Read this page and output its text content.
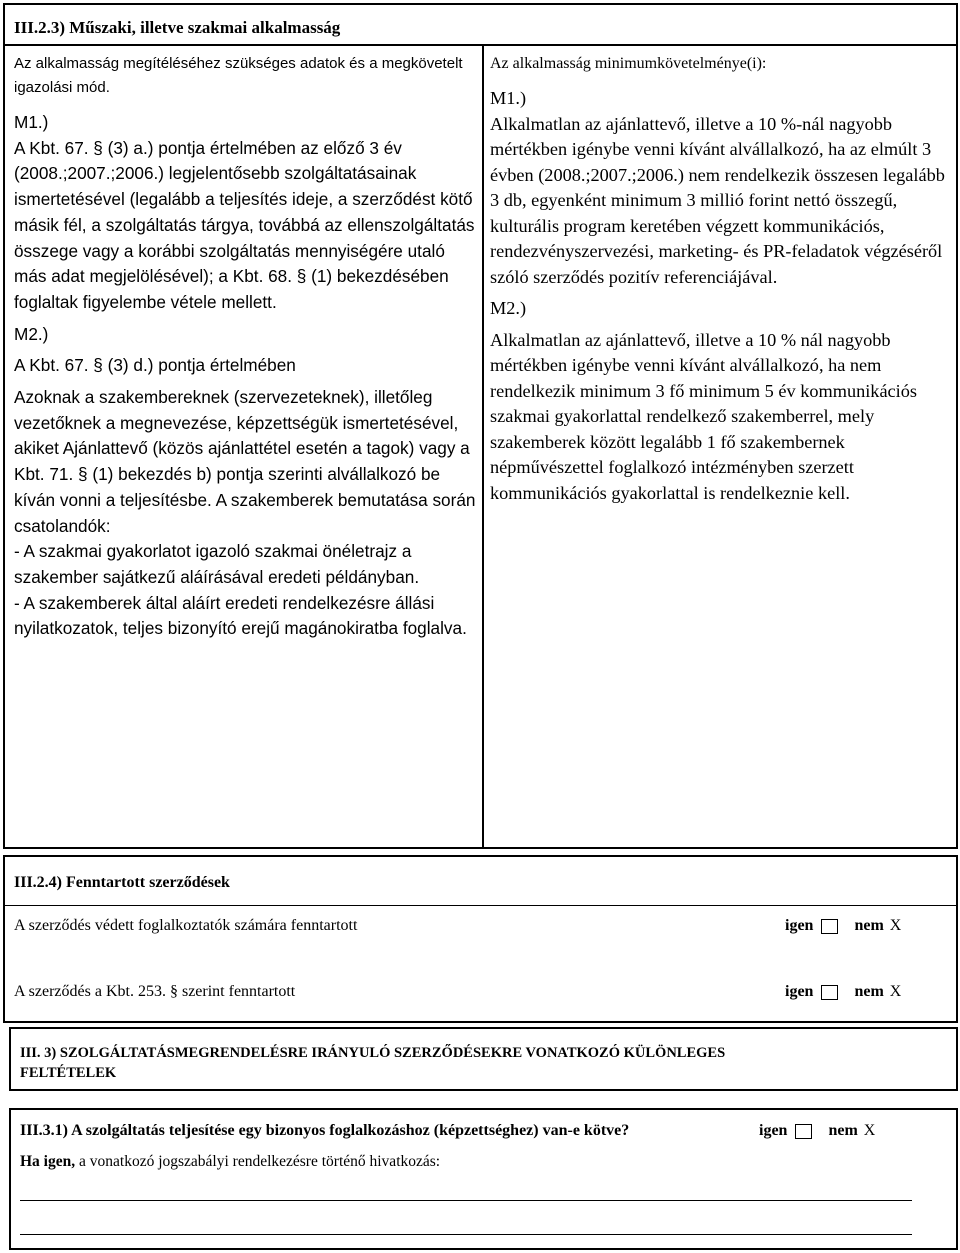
III.2.3) Műszaki, illetve szakmai alkalmasság
Az alkalmasság megítéléséhez szükséges adatok és a megkövetelt igazolási mód.
M1.)
A Kbt. 67. § (3) a.) pontja értelmében az előző 3 év (2008.;2007.;2006.) legjelentősebb szolgáltatásainak ismertetésével (legalább a teljesítés ideje, a szerződést kötő másik fél, a szolgáltatás tárgya, továbbá az ellenszolgáltatás összege vagy a korábbi szolgáltatás mennyiségére utaló más adat megjelölésével); a Kbt. 68. § (1) bekezdésében foglaltak figyelembe vétele mellett.
M2.)
A Kbt. 67. § (3) d.) pontja értelmében
Azoknak a szakembereknek (szervezeteknek), illetőleg vezetőknek a megnevezése, képzettségük ismertetésével, akiket Ajánlattevő (közös ajánlattétel esetén a tagok) vagy a Kbt. 71. § (1) bekezdés b) pontja szerinti alvállalkozó be kíván vonni a teljesítésbe. A szakemberek bemutatása során csatolandók:
- A szakmai gyakorlatot igazoló szakmai önéletrajz a szakember sajátkezű aláírásával eredeti példányban.
- A szakemberek által aláírt eredeti rendelkezésre állási nyilatkozatok, teljes bizonyító erejű magánokiratba foglalva.
Az alkalmasság minimumkövetelménye(i):
M1.)
Alkalmatlan az ajánlattevő, illetve a 10 %-nál nagyobb mértékben igénybe venni kívánt alvállalkozó, ha az elmúlt 3 évben (2008.;2007.;2006.) nem rendelkezik összesen legalább 3 db, egyenként minimum 3 millió forint nettó összegű, kulturális program keretében végzett kommunikációs, rendezvényszervezési, marketing- és PR-feladatok végzéséről szóló szerződés pozitív referenciájával.
M2.)
Alkalmatlan az ajánlattevő, illetve a 10 % nál nagyobb mértékben igénybe venni kívánt alvállalkozó, ha nem rendelkezik minimum 3 fő minimum 5 év kommunikációs szakmai gyakorlattal rendelkező szakemberrel, mely szakemberek között legalább 1 fő szakembernek népművészettel foglalkozó intézményben szerzett kommunikációs gyakorlattal is rendelkeznie kell.
III.2.4) Fenntartott szerződések
A szerződés védett foglalkoztatók számára fenntartott	igen	nem X
A szerződés a Kbt. 253. § szerint fenntartott	igen	nem X
III. 3) SZOLGÁLTATÁSMEGRENDELÉSRE IRÁNYULÓ SZERZŐDÉSEKRE VONATKOZÓ KÜLÖNLEGES FELTÉTELEK
III.3.1) A szolgáltatás teljesítése egy bizonyos foglalkozáshoz (képzettséghez) van-e kötve?	igen	nem X
Ha igen, a vonatkozó jogszabályi rendelkezésre történő hivatkozás:
